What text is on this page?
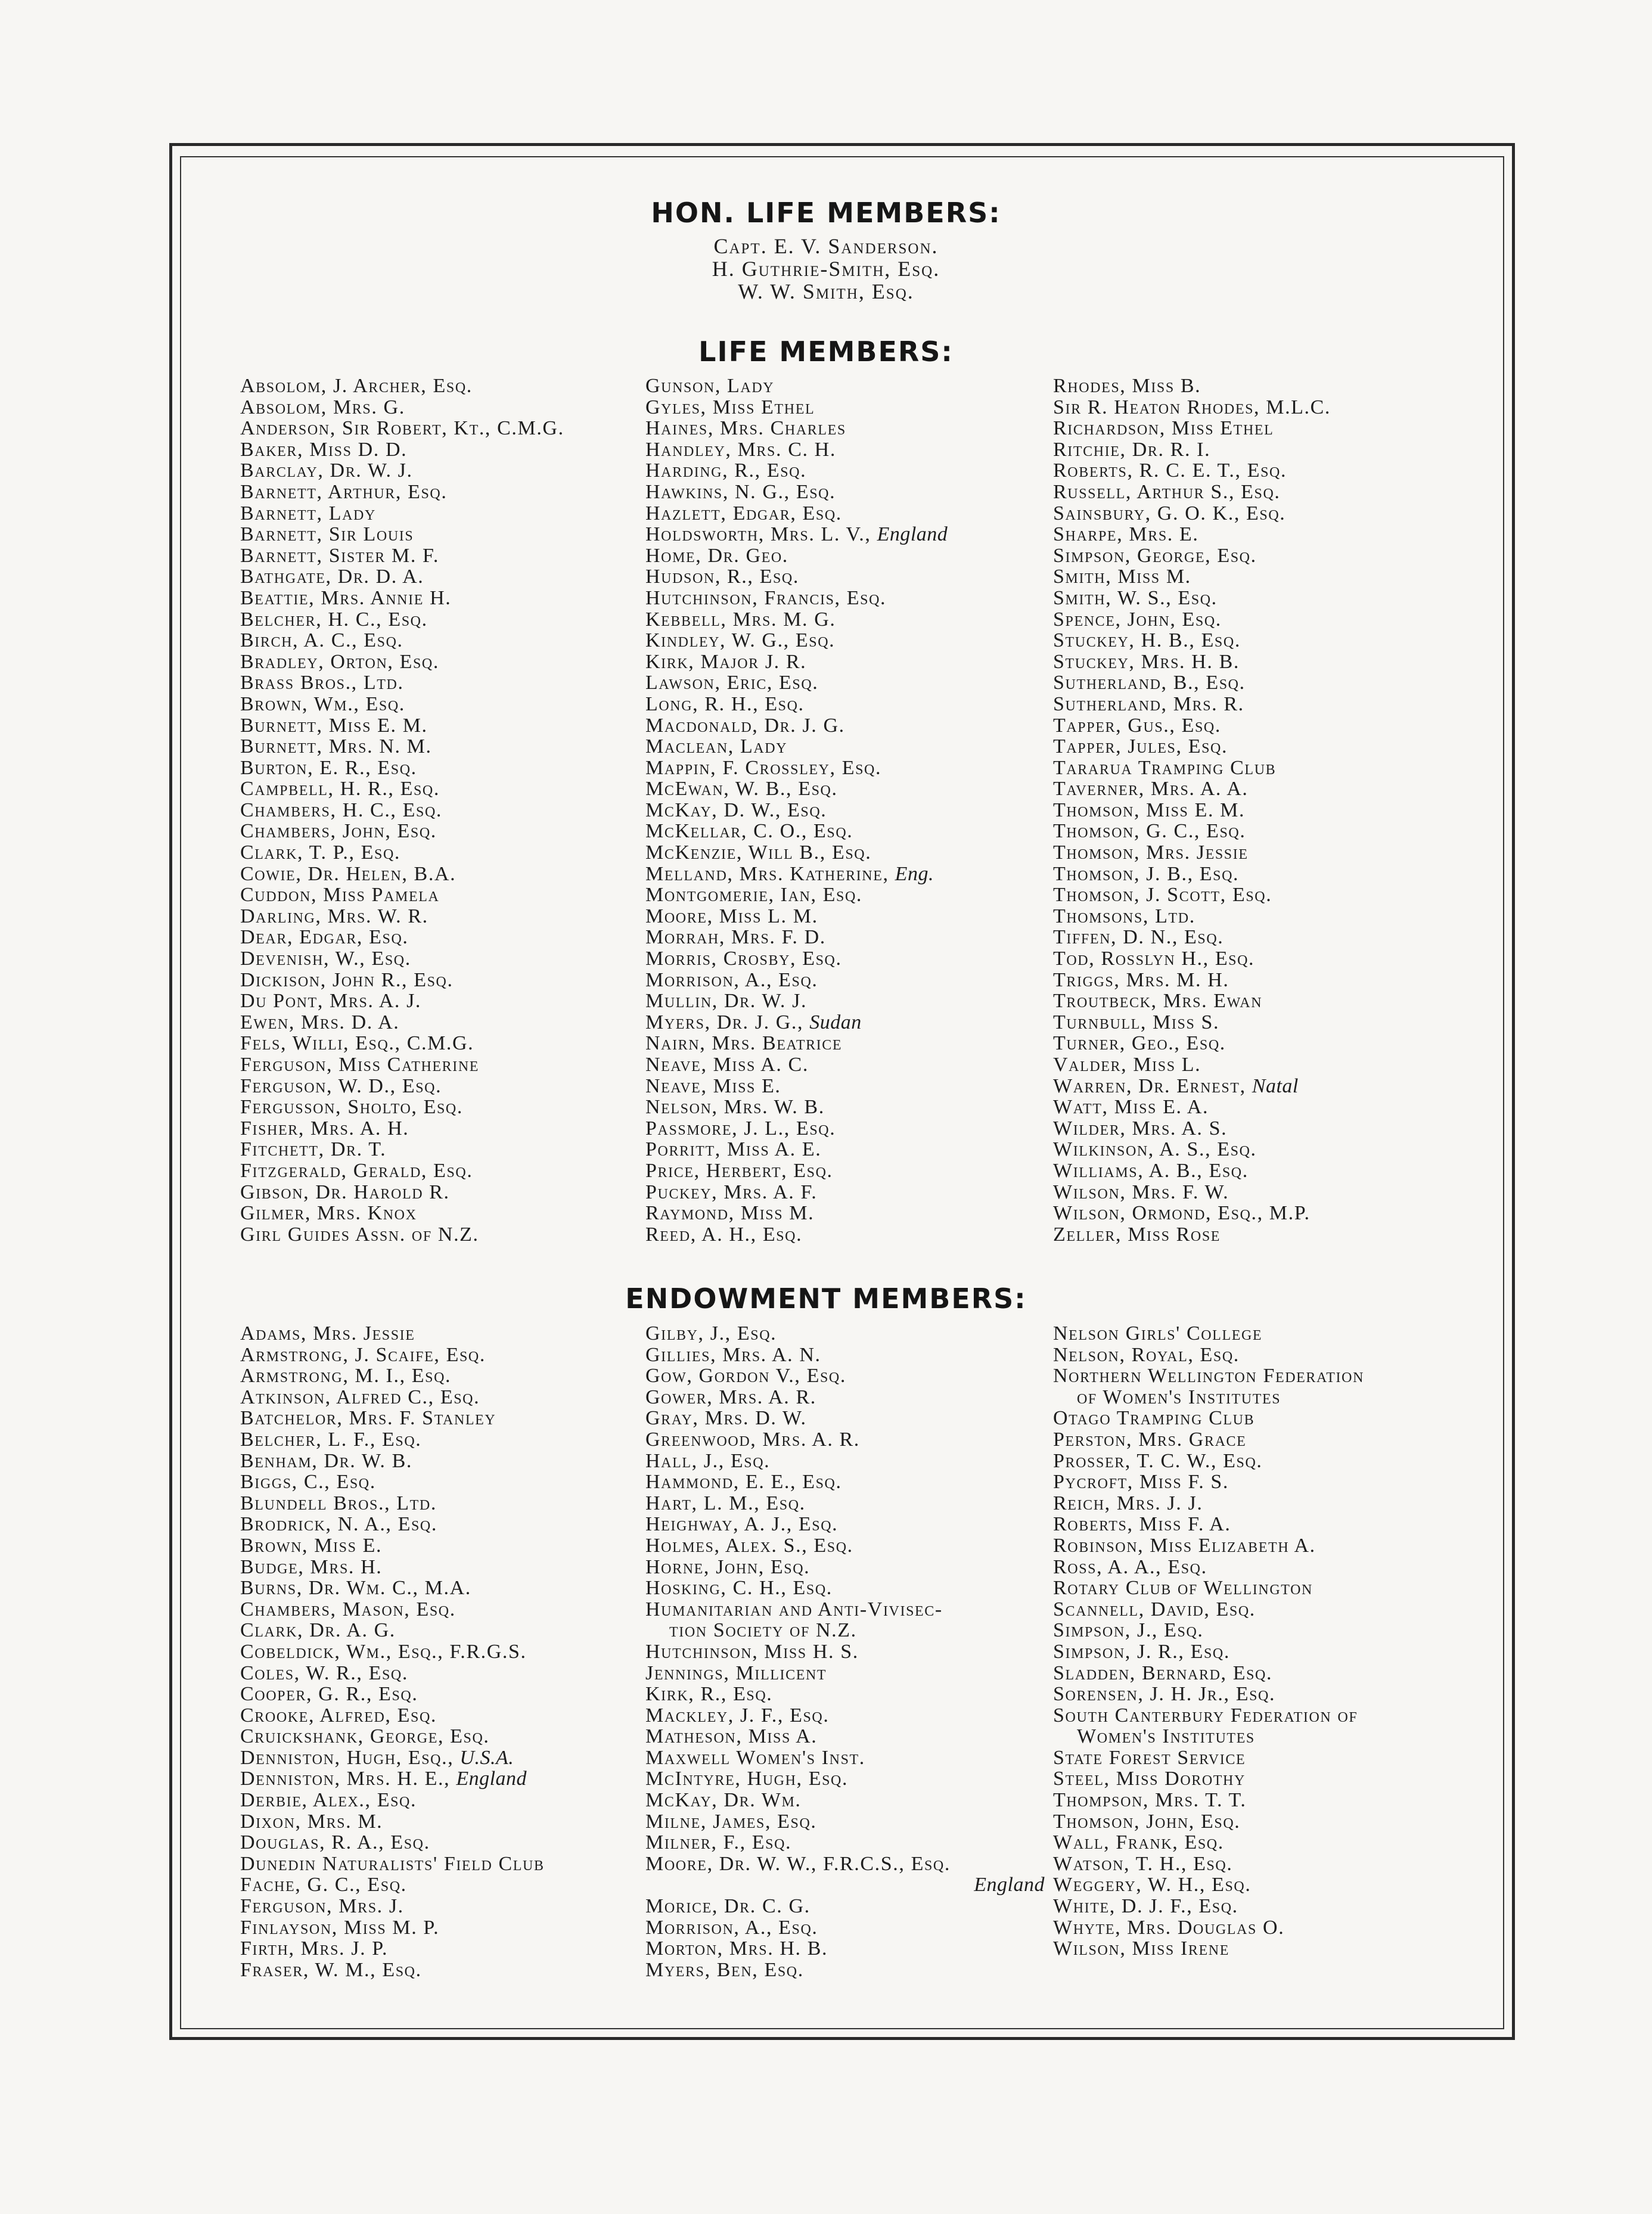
HON. LIFE MEMBERS:
Capt. E. V. Sanderson.
H. Guthrie-Smith, Esq.
W. W. Smith, Esq.
LIFE MEMBERS:
Absolom, J. Archer, Esq.
Absolom, Mrs. G.
Anderson, Sir Robert, Kt., C.M.G.
Baker, Miss D. D.
Barclay, Dr. W. J.
Barnett, Arthur, Esq.
Barnett, Lady
Barnett, Sir Louis
Barnett, Sister M. F.
Bathgate, Dr. D. A.
Beattie, Mrs. Annie H.
Belcher, H. C., Esq.
Birch, A. C., Esq.
Bradley, Orton, Esq.
Brass Bros., Ltd.
Brown, Wm., Esq.
Burnett, Miss E. M.
Burnett, Mrs. N. M.
Burton, E. R., Esq.
Campbell, H. R., Esq.
Chambers, H. C., Esq.
Chambers, John, Esq.
Clark, T. P., Esq.
Cowie, Dr. Helen, B.A.
Cuddon, Miss Pamela
Darling, Mrs. W. R.
Dear, Edgar, Esq.
Devenish, W., Esq.
Dickison, John R., Esq.
Du Pont, Mrs. A. J.
Ewen, Mrs. D. A.
Fels, Willi, Esq., C.M.G.
Ferguson, Miss Catherine
Ferguson, W. D., Esq.
Fergusson, Sholto, Esq.
Fisher, Mrs. A. H.
Fitchett, Dr. T.
Fitzgerald, Gerald, Esq.
Gibson, Dr. Harold R.
Gilmer, Mrs. Knox
Girl Guides Assn. of N.Z.
Gunson, Lady
Gyles, Miss Ethel
Haines, Mrs. Charles
Handley, Mrs. C. H.
Harding, R., Esq.
Hawkins, N. G., Esq.
Hazlett, Edgar, Esq.
Holdsworth, Mrs. L. V., England
Home, Dr. Geo.
Hudson, R., Esq.
Hutchinson, Francis, Esq.
Kebbell, Mrs. M. G.
Kindley, W. G., Esq.
Kirk, Major J. R.
Lawson, Eric, Esq.
Long, R. H., Esq.
Macdonald, Dr. J. G.
Maclean, Lady
Mappin, F. Crossley, Esq.
McEwan, W. B., Esq.
McKay, D. W., Esq.
McKellar, C. O., Esq.
McKenzie, Will B., Esq.
Melland, Mrs. Katherine, Eng.
Montgomerie, Ian, Esq.
Moore, Miss L. M.
Morrah, Mrs. F. D.
Morris, Crosby, Esq.
Morrison, A., Esq.
Mullin, Dr. W. J.
Myers, Dr. J. G., Sudan
Nairn, Mrs. Beatrice
Neave, Miss A. C.
Neave, Miss E.
Nelson, Mrs. W. B.
Passmore, J. L., Esq.
Porritt, Miss A. E.
Price, Herbert, Esq.
Puckey, Mrs. A. F.
Raymond, Miss M.
Reed, A. H., Esq.
Rhodes, Miss B.
Sir R. Heaton Rhodes, M.L.C.
Richardson, Miss Ethel
Ritchie, Dr. R. I.
Roberts, R. C. E. T., Esq.
Russell, Arthur S., Esq.
Sainsbury, G. O. K., Esq.
Sharpe, Mrs. E.
Simpson, George, Esq.
Smith, Miss M.
Smith, W. S., Esq.
Spence, John, Esq.
Stuckey, H. B., Esq.
Stuckey, Mrs. H. B.
Sutherland, B., Esq.
Sutherland, Mrs. R.
Tapper, Gus., Esq.
Tapper, Jules, Esq.
Tararua Tramping Club
Taverner, Mrs. A. A.
Thomson, Miss E. M.
Thomson, G. C., Esq.
Thomson, Mrs. Jessie
Thomson, J. B., Esq.
Thomson, J. Scott, Esq.
Thomsons, Ltd.
Tiffen, D. N., Esq.
Tod, Rosslyn H., Esq.
Triggs, Mrs. M. H.
Troutbeck, Mrs. Ewan
Turnbull, Miss S.
Turner, Geo., Esq.
Valder, Miss L.
Warren, Dr. Ernest, Natal
Watt, Miss E. A.
Wilder, Mrs. A. S.
Wilkinson, A. S., Esq.
Williams, A. B., Esq.
Wilson, Mrs. F. W.
Wilson, Ormond, Esq., M.P.
Zeller, Miss Rose
ENDOWMENT MEMBERS:
Adams, Mrs. Jessie
Armstrong, J. Scaife, Esq.
Armstrong, M. I., Esq.
Atkinson, Alfred C., Esq.
Batchelor, Mrs. F. Stanley
Belcher, L. F., Esq.
Benham, Dr. W. B.
Biggs, C., Esq.
Blundell Bros., Ltd.
Brodrick, N. A., Esq.
Brown, Miss E.
Budge, Mrs. H.
Burns, Dr. Wm. C., M.A.
Chambers, Mason, Esq.
Clark, Dr. A. G.
Cobeldick, Wm., Esq., F.R.G.S.
Coles, W. R., Esq.
Cooper, G. R., Esq.
Crooke, Alfred, Esq.
Cruickshank, George, Esq.
Denniston, Hugh, Esq., U.S.A.
Denniston, Mrs. H. E., England
Derbie, Alex., Esq.
Dixon, Mrs. M.
Douglas, R. A., Esq.
Dunedin Naturalists' Field Club
Fache, G. C., Esq.
Ferguson, Mrs. J.
Finlayson, Miss M. P.
Firth, Mrs. J. P.
Fraser, W. M., Esq.
Gilby, J., Esq.
Gillies, Mrs. A. N.
Gow, Gordon V., Esq.
Gower, Mrs. A. R.
Gray, Mrs. D. W.
Greenwood, Mrs. A. R.
Hall, J., Esq.
Hammond, E. E., Esq.
Hart, L. M., Esq.
Heighway, A. J., Esq.
Holmes, Alex. S., Esq.
Horne, John, Esq.
Hosking, C. H., Esq.
Humanitarian and Anti-Vivisec-
tion Society of N.Z.
Hutchinson, Miss H. S.
Jennings, Millicent
Kirk, R., Esq.
Mackley, J. F., Esq.
Matheson, Miss A.
Maxwell Women's Inst.
McIntyre, Hugh, Esq.
McKay, Dr. Wm.
Milne, James, Esq.
Milner, F., Esq.
Moore, Dr. W. W., F.R.C.S., Esq.
England
Morice, Dr. C. G.
Morrison, A., Esq.
Morton, Mrs. H. B.
Myers, Ben, Esq.
Nelson Girls' College
Nelson, Royal, Esq.
Northern Wellington Federation
of Women's Institutes
Otago Tramping Club
Perston, Mrs. Grace
Prosser, T. C. W., Esq.
Pycroft, Miss F. S.
Reich, Mrs. J. J.
Roberts, Miss F. A.
Robinson, Miss Elizabeth A.
Ross, A. A., Esq.
Rotary Club of Wellington
Scannell, David, Esq.
Simpson, J., Esq.
Simpson, J. R., Esq.
Sladden, Bernard, Esq.
Sorensen, J. H. Jr., Esq.
South Canterbury Federation of
Women's Institutes
State Forest Service
Steel, Miss Dorothy
Thompson, Mrs. T. T.
Thomson, John, Esq.
Wall, Frank, Esq.
Watson, T. H., Esq.
Weggery, W. H., Esq.
White, D. J. F., Esq.
Whyte, Mrs. Douglas O.
Wilson, Miss Irene
